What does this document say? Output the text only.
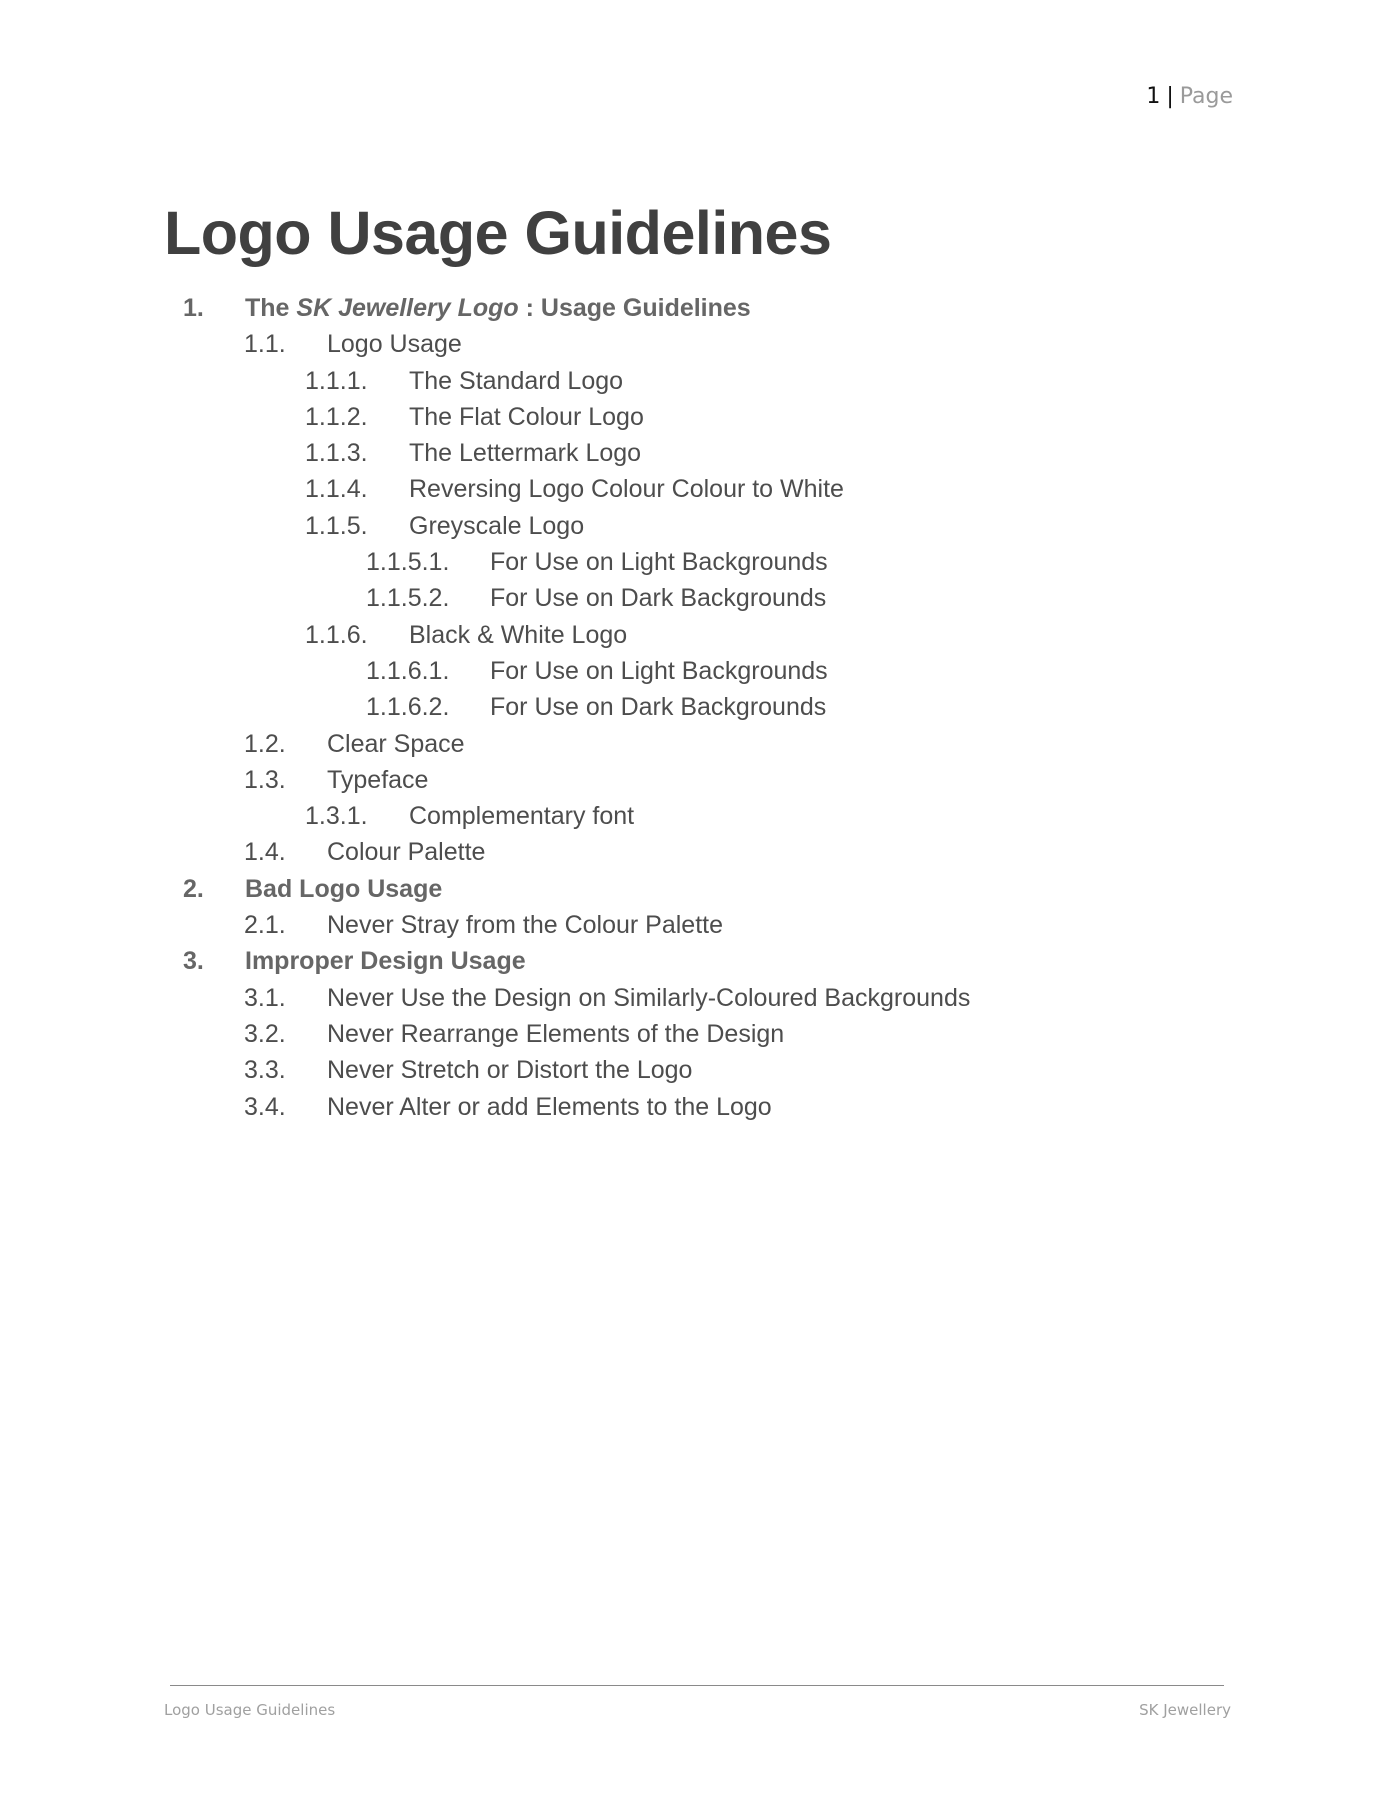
1 | Page
Logo Usage Guidelines
1. The SK Jewellery Logo : Usage Guidelines
1.1. Logo Usage
1.1.1. The Standard Logo
1.1.2. The Flat Colour Logo
1.1.3. The Lettermark Logo
1.1.4. Reversing Logo Colour Colour to White
1.1.5. Greyscale Logo
1.1.5.1. For Use on Light Backgrounds
1.1.5.2. For Use on Dark Backgrounds
1.1.6. Black & White Logo
1.1.6.1. For Use on Light Backgrounds
1.1.6.2. For Use on Dark Backgrounds
1.2. Clear Space
1.3. Typeface
1.3.1. Complementary font
1.4. Colour Palette
2. Bad Logo Usage
2.1. Never Stray from the Colour Palette
3. Improper Design Usage
3.1. Never Use the Design on Similarly-Coloured Backgrounds
3.2. Never Rearrange Elements of the Design
3.3. Never Stretch or Distort the Logo
3.4. Never Alter or add Elements to the Logo
Logo Usage Guidelines	SK Jewellery
